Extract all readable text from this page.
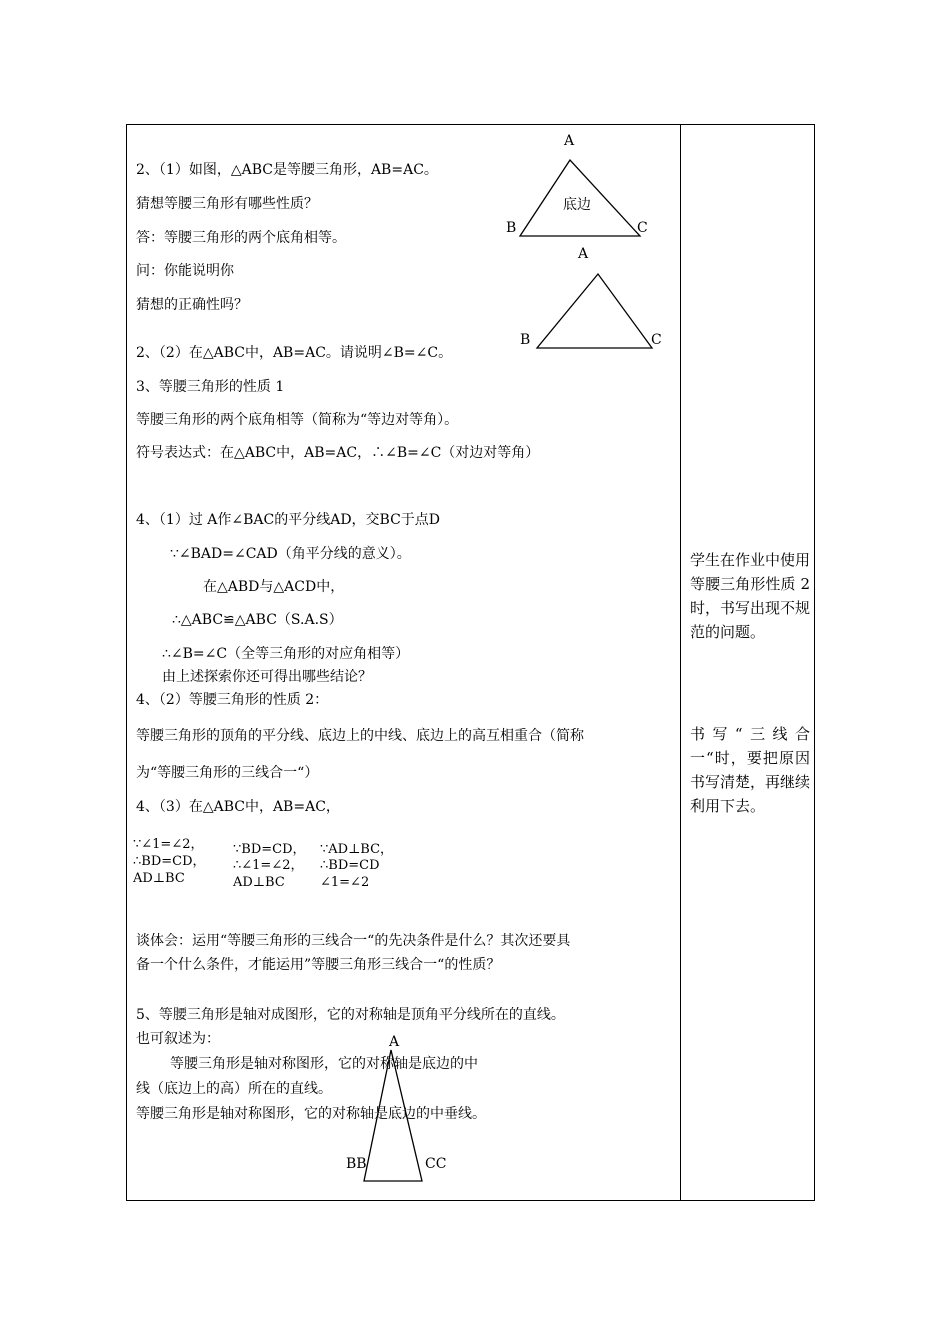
A
B	C
底边
A
B	C
A
BB	CC
2、（1）如图，△ABC是等腰三角形，AB=AC。
猜想等腰三角形有哪些性质？
答：等腰三角形的两个底角相等。
问：你能说明你
猜想的正确性吗？
2、（2）在△ABC中，AB=AC。请说明∠B=∠C。
3、等腰三角形的性质 1
等腰三角形的两个底角相等（简称为“等边对等角）。
符号表达式：在△ABC中，AB=AC，∴∠B=∠C（对边对等角）
4、（1）过 A作∠BAC的平分线AD，交BC于点D
∵∠BAD=∠CAD（角平分线的意义）。
在△ABD与△ACD中，
∴△ABC≌△ABC（S.A.S）
∴∠B=∠C（全等三角形的对应角相等）
由上述探索你还可得出哪些结论？
4、（2）等腰三角形的性质 2：
等腰三角形的顶角的平分线、底边上的中线、底边上的高互相重合（简称
为“等腰三角形的三线合一“）
4、（3）在△ABC中，AB=AC，
∵∠1=∠2，
∴BD=CD，
AD⊥BC
∵BD=CD，
∴∠1=∠2，
AD⊥BC
∵AD⊥BC，
∴BD=CD
∠1=∠2
谈体会：运用“等腰三角形的三线合一“的先决条件是什么？其次还要具
备一个什么条件，才能运用”等腰三角形三线合一“的性质？
5、等腰三角形是轴对成图形，它的对称轴是顶角平分线所在的直线。
也可叙述为：
等腰三角形是轴对称图形，它的对称轴是底边的中
线（底边上的高）所在的直线。
等腰三角形是轴对称图形，它的对称轴是底边的中垂线。
学生在作业中使用等腰三角形性质 2时，书写出现不规范的问题。
书写“三线合一“时，要把原因书写清楚，再继续利用下去。
